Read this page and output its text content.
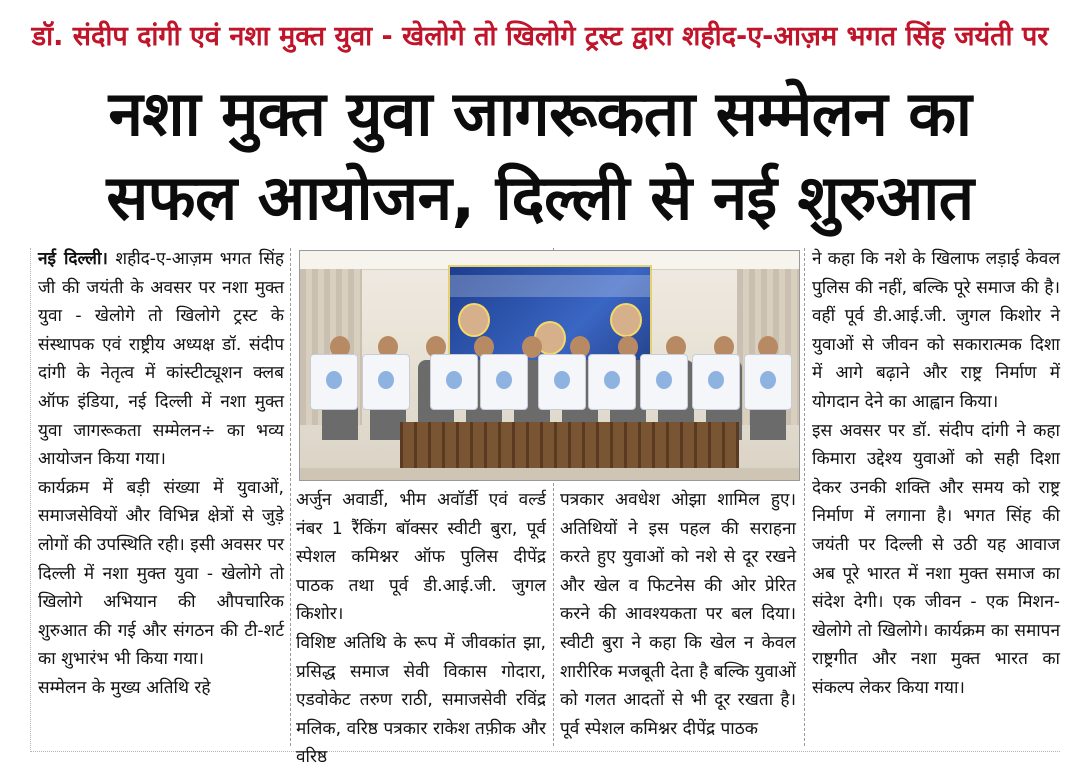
डॉ. संदीप दांगी एवं नशा मुक्त युवा - खेलोगे तो खिलोगे ट्रस्ट द्वारा शहीद-ए-आज़म भगत सिंह जयंती पर
नशा मुक्त युवा जागरूकता सम्मेलन का
सफल आयोजन, दिल्ली से नई शुरुआत

नई दिल्ली। शहीद-ए-आज़म भगत सिंह जी की जयंती के अवसर पर नशा मुक्त युवा - खेलोगे तो खिलोगे ट्रस्ट के संस्थापक एवं राष्ट्रीय अध्यक्ष डॉ. संदीप दांगी के नेतृत्व में कांस्टीट्यूशन क्लब ऑफ इंडिया, नई दिल्ली में नशा मुक्त युवा जागरूकता सम्मेलन÷ का भव्य आयोजन किया गया।

कार्यक्रम में बड़ी संख्या में युवाओं, समाजसेवियों और विभिन्न क्षेत्रों से जुड़े लोगों की उपस्थिति रही। इसी अवसर पर दिल्ली में नशा मुक्त युवा - खेलोगे तो खिलोगे अभियान की औपचारिक शुरुआत की गई और संगठन की टी-शर्ट का शुभारंभ भी किया गया।

सम्मेलन के मुख्य अतिथि रहे

अर्जुन अवार्डी, भीम अवॉर्डी एवं वर्ल्ड नंबर 1 रैंकिंग बॉक्सर स्वीटी बुरा, पूर्व स्पेशल कमिश्नर ऑफ पुलिस दीपेंद्र पाठक तथा पूर्व डी.आई.जी. जुगल किशोर।

विशिष्ट अतिथि के रूप में जीवकांत झा, प्रसिद्ध समाज सेवी विकास गोदारा, एडवोकेट तरुण राठी, समाजसेवी रविंद्र मलिक, वरिष्ठ पत्रकार राकेश तफ़ीक और वरिष्ठ

पत्रकार अवधेश ओझा शामिल हुए। अतिथियों ने इस पहल की सराहना करते हुए युवाओं को नशे से दूर रखने और खेल व फिटनेस की ओर प्रेरित करने की आवश्यकता पर बल दिया। स्वीटी बुरा ने कहा कि खेल न केवल शारीरिक मजबूती देता है बल्कि युवाओं को गलत आदतों से भी दूर रखता है। पूर्व स्पेशल कमिश्नर दीपेंद्र पाठक

ने कहा कि नशे के खिलाफ लड़ाई केवल पुलिस की नहीं, बल्कि पूरे समाज की है। वहीं पूर्व डी.आई.जी. जुगल किशोर ने युवाओं से जीवन को सकारात्मक दिशा में आगे बढ़ाने और राष्ट्र निर्माण में योगदान देने का आह्वान किया।

इस अवसर पर डॉ. संदीप दांगी ने कहा किमारा उद्देश्य युवाओं को सही दिशा देकर उनकी शक्ति और समय को राष्ट्र निर्माण में लगाना है। भगत सिंह की जयंती पर दिल्ली से उठी यह आवाज अब पूरे भारत में नशा मुक्त समाज का संदेश देगी। एक जीवन - एक मिशन- खेलोगे तो खिलोगे। कार्यक्रम का समापन राष्ट्रगीत और नशा मुक्त भारत का संकल्प लेकर किया गया।
